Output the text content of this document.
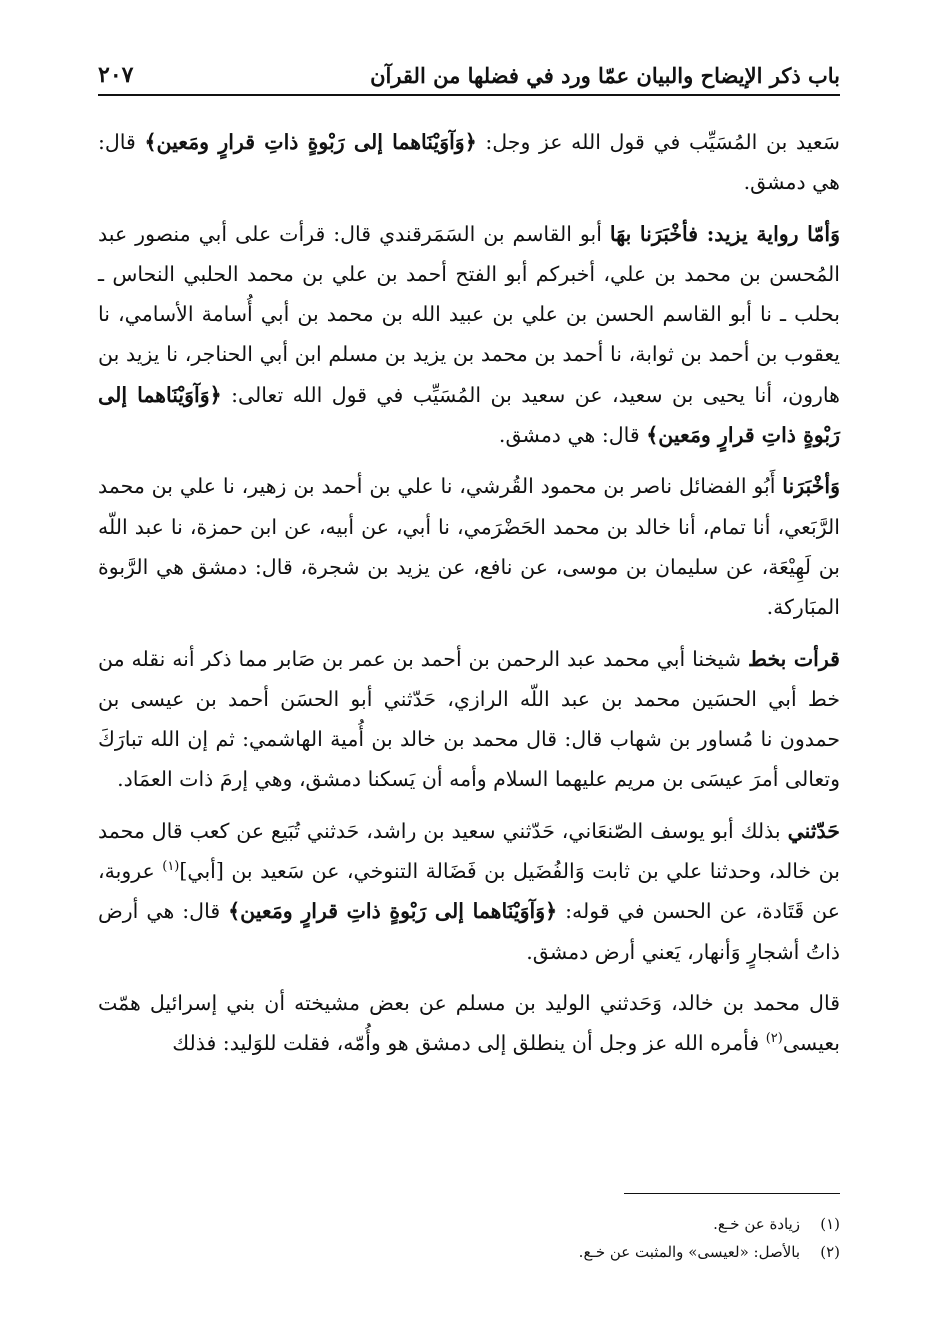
باب ذكر الإيضاح والبيان عمّا ورد في فضلها من القرآن
٢٠٧

سَعيد بن المُسَيِّب في قول الله عز وجل: ﴿وَآوَيْنَاهما إلى رَبْوةٍ ذاتِ قرارٍ ومَعين﴾ قال: هي دمشق.

وَأمّا رواية يزيد: فأخْبَرَنا بهَا أبو القاسم بن السَمَرقندي قال: قرأت على أبي منصور عبد المُحسن بن محمد بن علي، أخبركم أبو الفتح أحمد بن علي بن محمد الحلبي النحاس ـ بحلب ـ نا أبو القاسم الحسن بن علي بن عبيد الله بن محمد بن أبي أُسامة الأسامي، نا يعقوب بن أحمد بن ثوابة، نا أحمد بن محمد بن يزيد بن مسلم ابن أبي الحناجر، نا يزيد بن هارون، أنا يحيى بن سعيد، عن سعيد بن المُسَيِّب في قول الله تعالى: ﴿وَآوَيْنَاهما إلى رَبْوةٍ ذاتِ قرارٍ ومَعين﴾ قال: هي دمشق.

وَأخْبَرَنا أَبُو الفضائل ناصر بن محمود القُرشي، نا علي بن أحمد بن زهير، نا علي بن محمد الرَّبَعي، أنا تمام، أنا خالد بن محمد الحَضْرَمي، نا أبي، عن أبيه، عن ابن حمزة، نا عبد اللّه بن لَهِيْعَة، عن سليمان بن موسى، عن نافع، عن يزيد بن شجرة، قال: دمشق هي الرَّبوة المبَاركة.

قرأت بخط شيخنا أبي محمد عبد الرحمن بن أحمد بن عمر بن صَابر مما ذكر أنه نقله من خط أبي الحسَين محمد بن عبد اللّه الرازي، حَدّثني أبو الحسَن أحمد بن عيسى بن حمدون نا مُساور بن شهاب قال: قال محمد بن خالد بن أُمية الهاشمي: ثم إن الله تبارَكَ وتعالى أمرَ عيسَى بن مريم عليهما السلام وأمه أن يَسكنا دمشق، وهي إرمَ ذات العمَاد.

حَدّثني بذلك أبو يوسف الصّنعَاني، حَدّثني سعيد بن راشد، حَدثني تُبَيع عن كعب قال محمد بن خالد، وحدثنا علي بن ثابت وَالفُضَيل بن فَضَالة التنوخي، عن سَعيد بن [أبي]$^{(١)}$ عروبة، عن قَتَادة، عن الحسن في قوله: ﴿وَآوَيْنَاهما إلى رَبْوةٍ ذاتِ قرارٍ ومَعين﴾ قال: هي أرض ذاتُ أشجارٍ وَأنهار، يَعني أرض دمشق.

قال محمد بن خالد، وَحَدثني الوليد بن مسلم عن بعض مشيخته أن بني إسرائيل همّت بعيسى$^{(٢)}$ فأمره الله عز وجل أن ينطلق إلى دمشق هو وأُمّه، فقلت للوَليد: فذلك

(١)
زيادة عن خـع.
(٢)
بالأصل: «لعيسى» والمثبت عن خـع.
